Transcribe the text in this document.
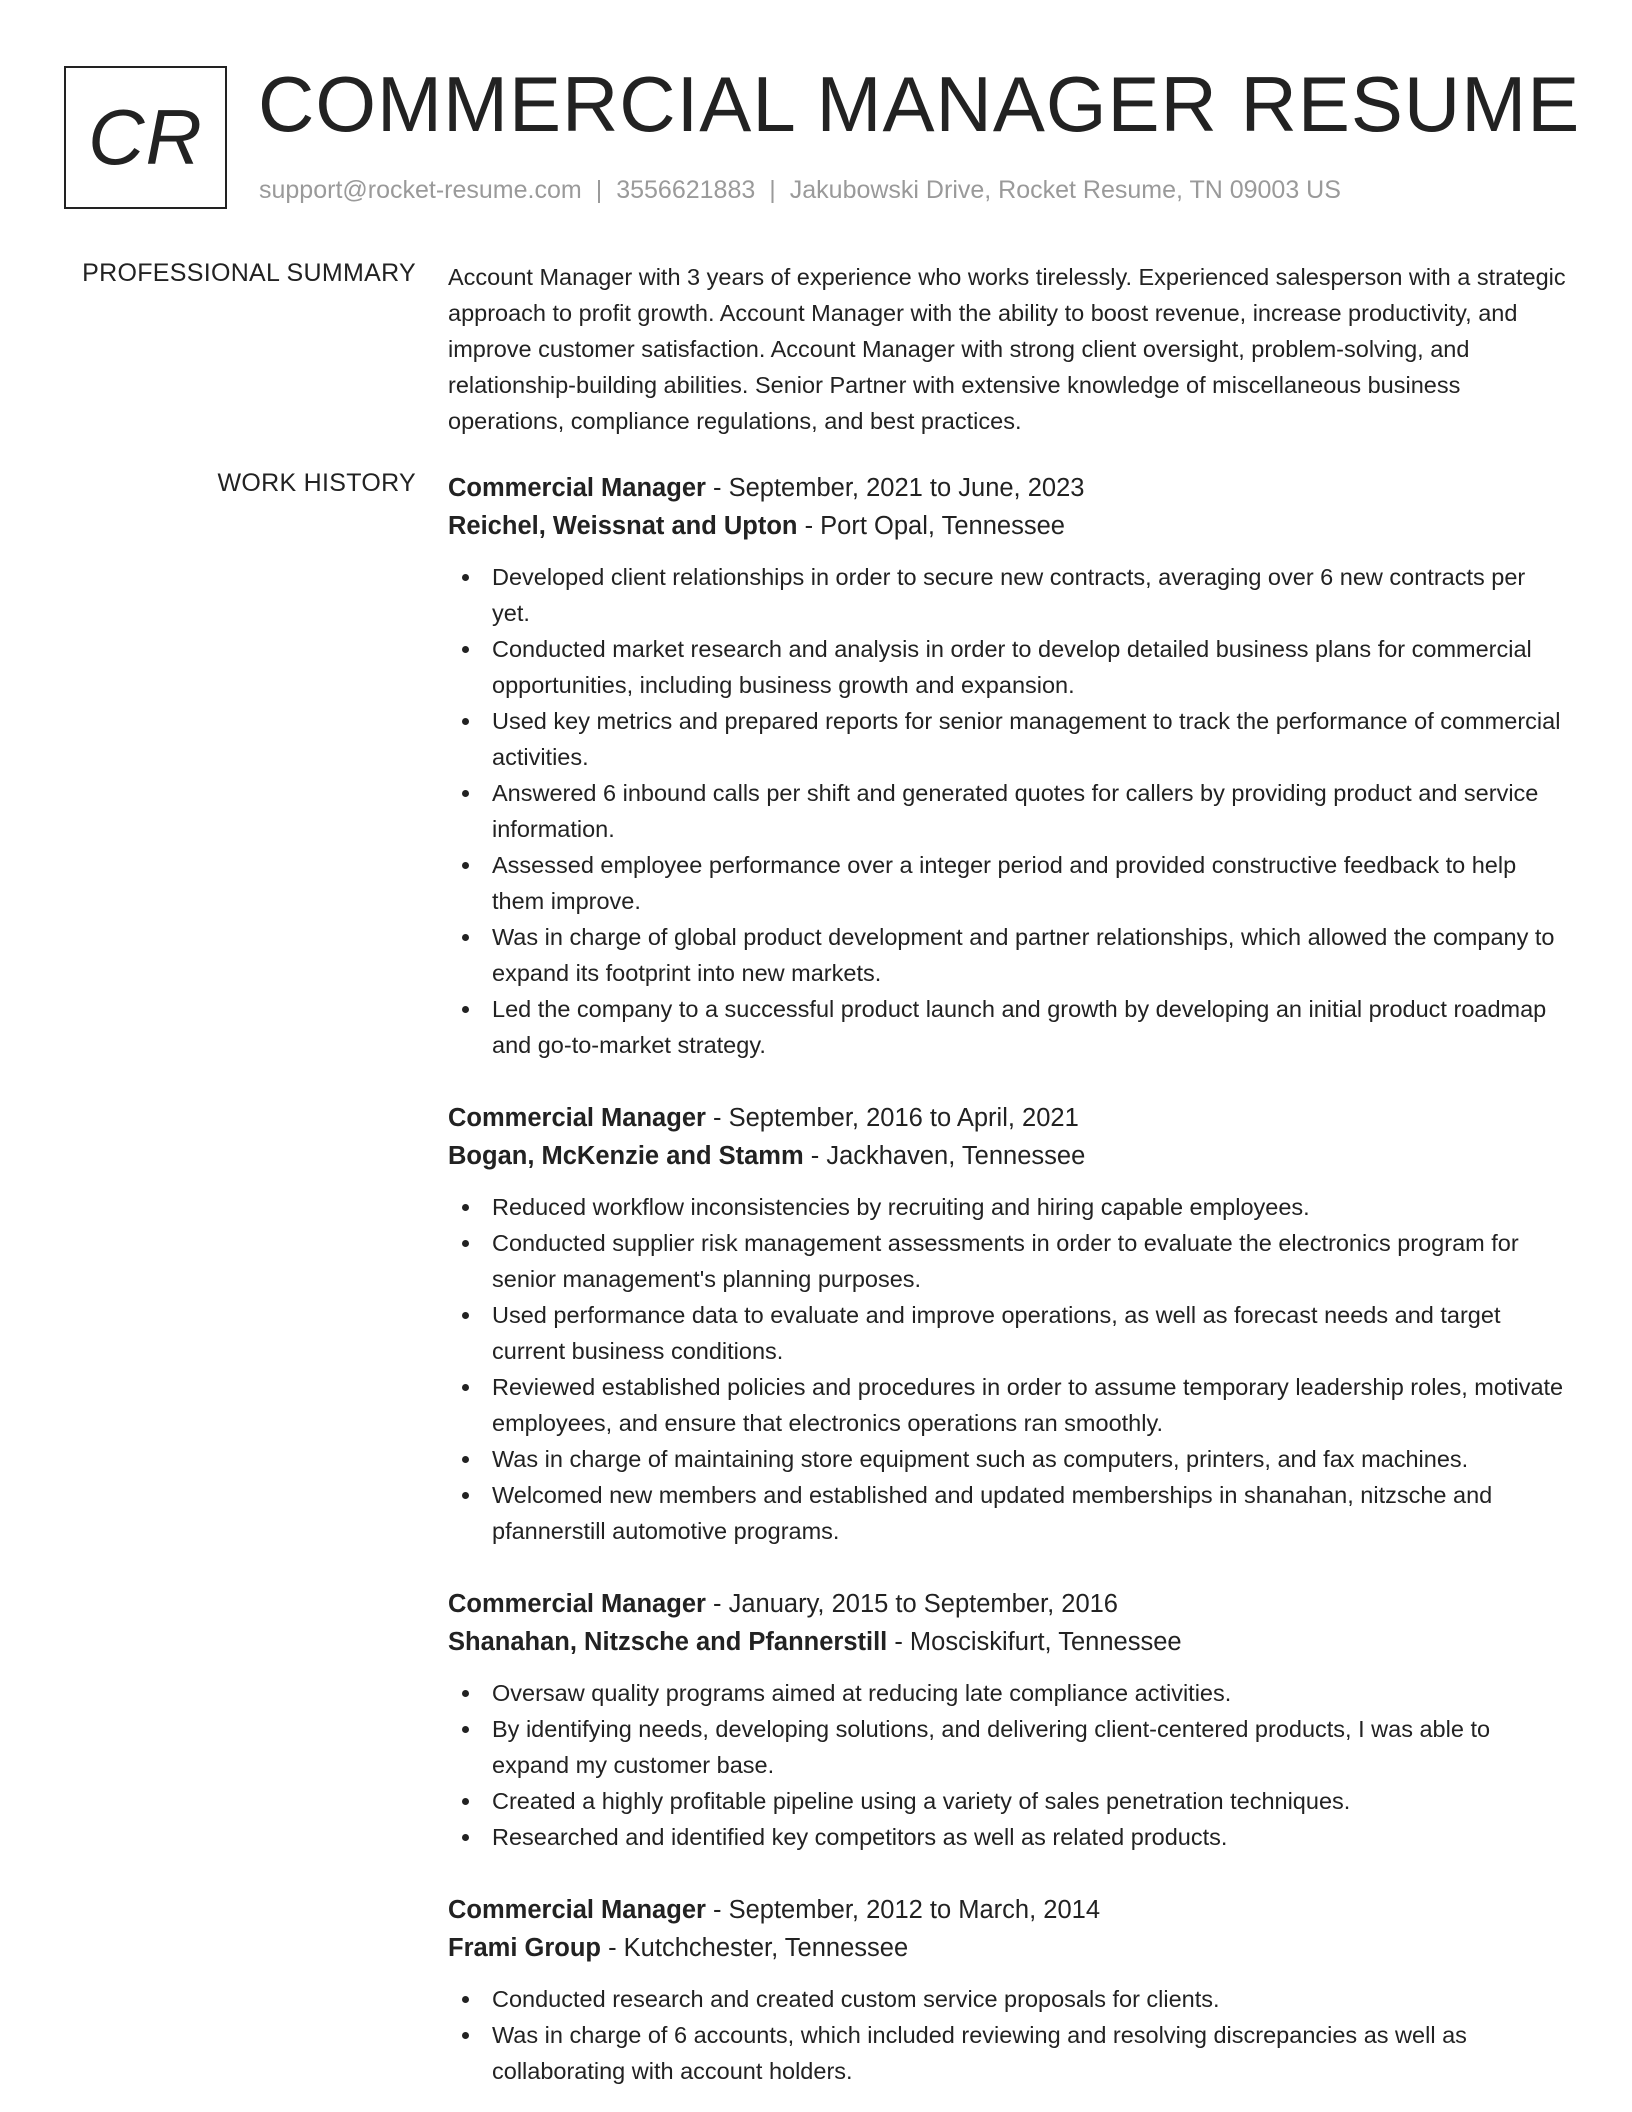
CR COMMERCIAL MANAGER RESUME
support@rocket-resume.com | 3556621883 | Jakubowski Drive, Rocket Resume, TN 09003 US
PROFESSIONAL SUMMARY Account Manager with 3 years of experience who works tirelessly. Experienced salesperson with a strategic approach to profit growth. Account Manager with the ability to boost revenue, increase productivity, and improve customer satisfaction. Account Manager with strong client oversight, problem-solving, and relationship-building abilities. Senior Partner with extensive knowledge of miscellaneous business operations, compliance regulations, and best practices.

WORK HISTORY Commercial Manager - September, 2021 to June, 2023
Reichel, Weissnat and Upton - Port Opal, Tennessee
Developed client relationships in order to secure new contracts, averaging over 6 new contracts per yet.
Conducted market research and analysis in order to develop detailed business plans for commercial opportunities, including business growth and expansion.
Used key metrics and prepared reports for senior management to track the performance of commercial activities.
Answered 6 inbound calls per shift and generated quotes for callers by providing product and service information.
Assessed employee performance over a integer period and provided constructive feedback to help them improve.
Was in charge of global product development and partner relationships, which allowed the company to expand its footprint into new markets.
Led the company to a successful product launch and growth by developing an initial product roadmap and go-to-market strategy.
Commercial Manager - September, 2016 to April, 2021
Bogan, McKenzie and Stamm - Jackhaven, Tennessee
Reduced workflow inconsistencies by recruiting and hiring capable employees.
Conducted supplier risk management assessments in order to evaluate the electronics program for senior management's planning purposes.
Used performance data to evaluate and improve operations, as well as forecast needs and target current business conditions.
Reviewed established policies and procedures in order to assume temporary leadership roles, motivate employees, and ensure that electronics operations ran smoothly.
Was in charge of maintaining store equipment such as computers, printers, and fax machines.
Welcomed new members and established and updated memberships in shanahan, nitzsche and pfannerstill automotive programs.
Commercial Manager - January, 2015 to September, 2016
Shanahan, Nitzsche and Pfannerstill - Mosciskifurt, Tennessee
Oversaw quality programs aimed at reducing late compliance activities.
By identifying needs, developing solutions, and delivering client-centered products, I was able to expand my customer base.
Created a highly profitable pipeline using a variety of sales penetration techniques.
Researched and identified key competitors as well as related products.
Commercial Manager - September, 2012 to March, 2014
Frami Group - Kutchchester, Tennessee
Conducted research and created custom service proposals for clients.
Was in charge of 6 accounts, which included reviewing and resolving discrepancies as well as collaborating with account holders.
